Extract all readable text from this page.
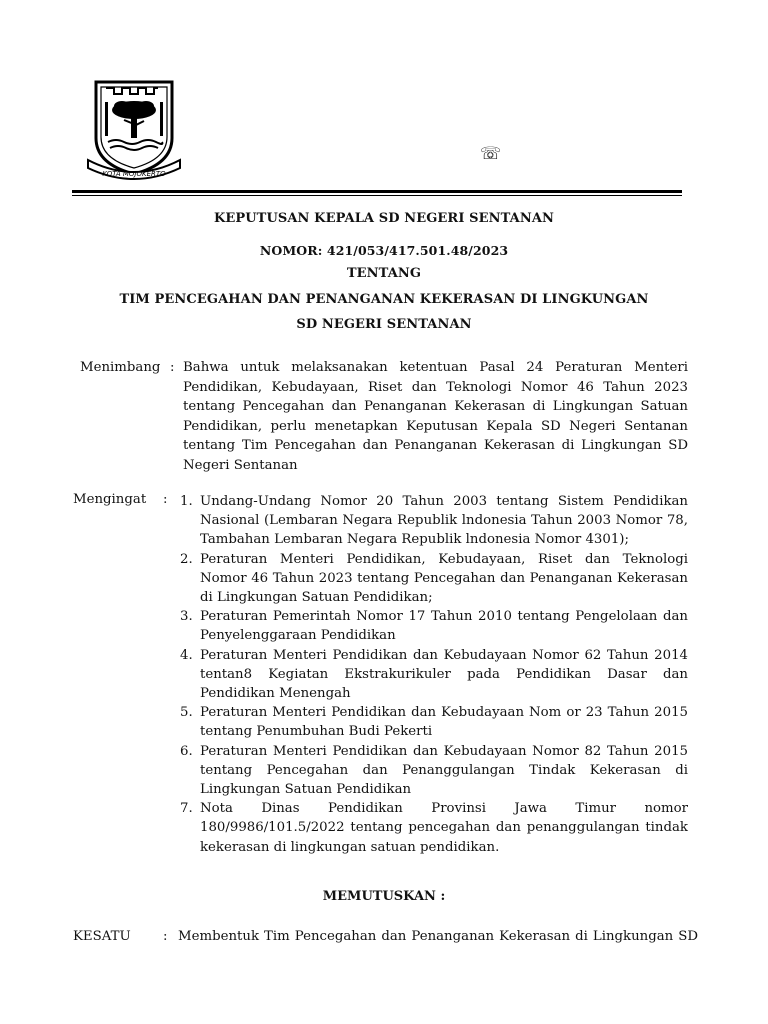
KOTA MOJOKERTO
☏
KEPUTUSAN KEPALA SD NEGERI SENTANAN
NOMOR: 421/053/417.501.48/2023
TENTANG
TIM PENCEGAHAN DAN PENANGANAN KEKERASAN DI LINGKUNGAN
SD NEGERI SENTANAN
Menimbang : Bahwa untuk melaksanakan ketentuan Pasal 24 Peraturan Menteri Pendidikan, Kebudayaan, Riset dan Teknologi Nomor 46 Tahun 2023 tentang Pencegahan dan Penanganan Kekerasan di Lingkungan Satuan Pendidikan, perlu menetapkan Keputusan Kepala SD Negeri Sentanan tentang Tim Pencegahan dan Penanganan Kekerasan di Lingkungan SD Negeri Sentanan
Mengingat : 1. Undang-Undang Nomor 20 Tahun 2003 tentang Sistem Pendidikan Nasional (Lembaran Negara Republik lndonesia Tahun 2003 Nomor 78, Tambahan Lembaran Negara Republik lndonesia Nomor 4301);
2. Peraturan Menteri Pendidikan, Kebudayaan, Riset dan Teknologi Nomor 46 Tahun 2023 tentang Pencegahan dan Penanganan Kekerasan di Lingkungan Satuan Pendidikan;
3. Peraturan Pemerintah Nomor 17 Tahun 2010 tentang Pengelolaan dan Penyelenggaraan Pendidikan
4. Peraturan Menteri Pendidikan dan Kebudayaan Nomor 62 Tahun 2014 tentan8 Kegiatan Ekstrakurikuler pada Pendidikan Dasar dan Pendidikan Menengah
5. Peraturan Menteri Pendidikan dan Kebudayaan Nom or 23 Tahun 2015 tentang Penumbuhan Budi Pekerti
6. Peraturan Menteri Pendidikan dan Kebudayaan Nomor 82 Tahun 2015 tentang Pencegahan dan Penanggulangan Tindak Kekerasan di Lingkungan Satuan Pendidikan
7. Nota Dinas Pendidikan Provinsi Jawa Timur nomor 180/9986/101.5/2022 tentang pencegahan dan penanggulangan tindak kekerasan di lingkungan satuan pendidikan.
MEMUTUSKAN :
KESATU : Membentuk Tim Pencegahan dan Penanganan Kekerasan di Lingkungan SD
